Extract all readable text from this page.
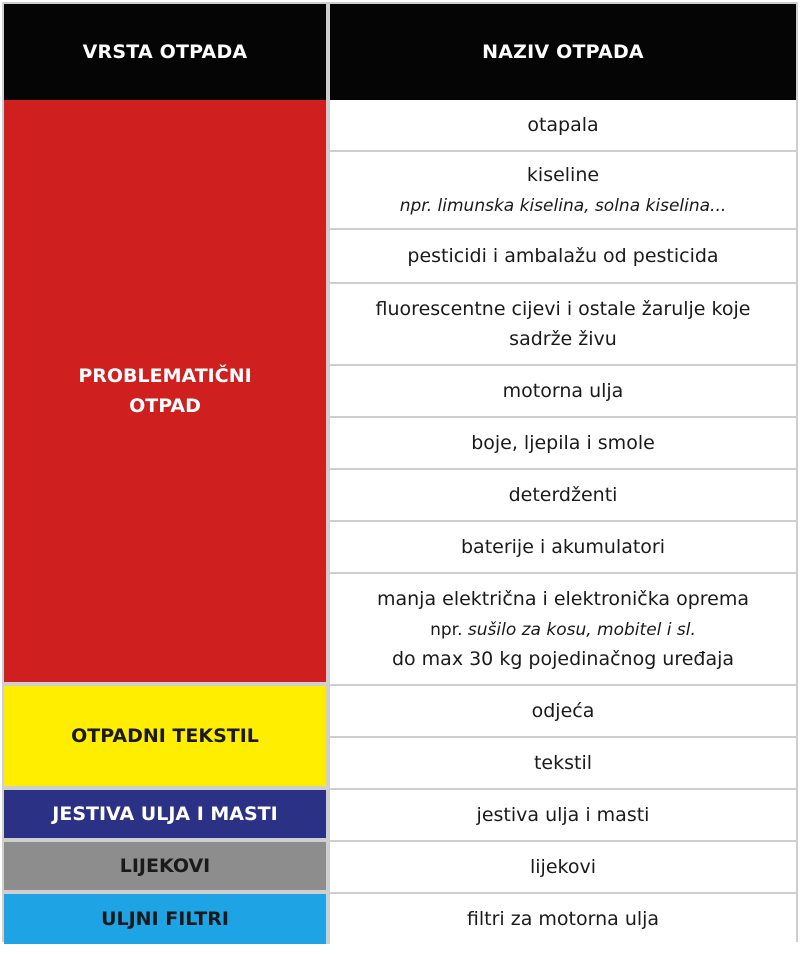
VRSTA OTPADA	NAZIV OTPADA
PROBLEMATIČNI
OTPAD	otapala
	kiseline
npr. limunska kiselina, solna kiselina...
	pesticidi i ambalažu od pesticida
	fluorescentne cijevi i ostale žarulje koje
sadrže živu
	motorna ulja
	boje, ljepila i smole
	deterdženti
	baterije i akumulatori
	manja električna i elektronička oprema
npr. sušilo za kosu, mobitel i sl.
do max 30 kg pojedinačnog uređaja
OTPADNI TEKSTIL	odjeća
	tekstil
JESTIVA ULJA I MASTI	jestiva ulja i masti
LIJEKOVI	lijekovi
ULJNI FILTRI	filtri za motorna ulja
